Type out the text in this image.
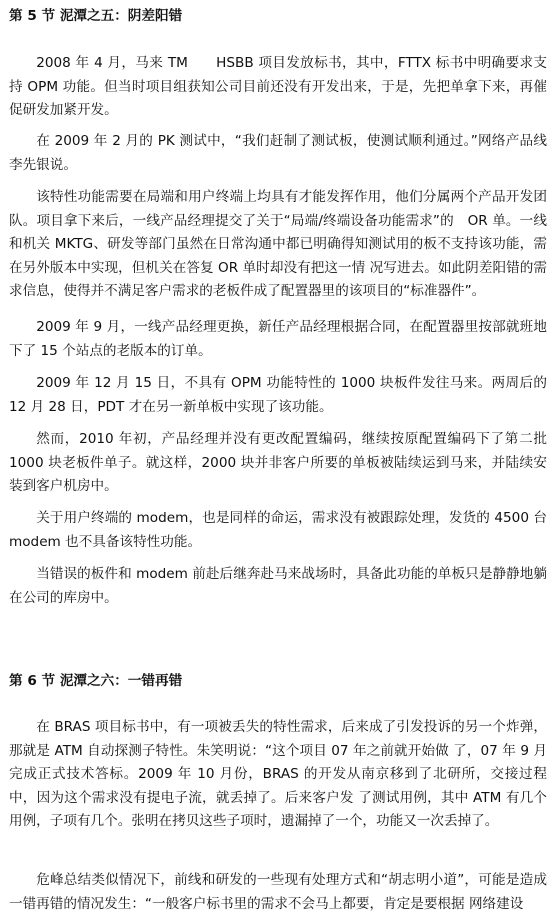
第 5 节 泥潭之五：阴差阳错
2008 年 4 月，马来 TM　　HSBB 项目发放标书，其中，FTTX 标书中明确要求支持 OPM 功能。但当时项目组获知公司目前还没有开发出来，于是，先把单拿下来，再催促研发加紧开发。
在 2009 年 2 月的 PK 测试中，“我们赶制了测试板，使测试顺利通过。”网络产品线李先银说。
该特性功能需要在局端和用户终端上均具有才能发挥作用，他们分属两个产品开发团队。项目拿下来后，一线产品经理提交了关于“局端/终端设备功能需求”的　OR 单。一线和机关 MKTG、研发等部门虽然在日常沟通中都已明确得知测试用的板不支持该功能，需在另外版本中实现，但机关在答复 OR 单时却没有把这一情 况写进去。如此阴差阳错的需求信息，使得并不满足客户需求的老板件成了配置器里的该项目的“标准器件”。
2009 年 9 月，一线产品经理更换，新任产品经理根据合同，在配置器里按部就班地下了 15 个站点的老版本的订单。
2009 年 12 月 15 日，不具有 OPM 功能特性的 1000 块板件发往马来。两周后的 12 月 28 日，PDT 才在另一新单板中实现了该功能。
然而，2010 年初，产品经理并没有更改配置编码，继续按原配置编码下了第二批 1000 块老板件单子。就这样，2000 块并非客户所要的单板被陆续运到马来，并陆续安装到客户机房中。
关于用户终端的 modem，也是同样的命运，需求没有被跟踪处理，发货的 4500 台 modem 也不具备该特性功能。
当错误的板件和 modem 前赴后继奔赴马来战场时，具备此功能的单板只是静静地躺在公司的库房中。
第 6 节 泥潭之六：一错再错
在 BRAS 项目标书中，有一项被丢失的特性需求，后来成了引发投诉的另一个炸弹，那就是 ATM 自动探测子特性。朱笑明说：“这个项目 07 年之前就开始做 了，07 年 9 月完成正式技术答标。2009 年 10 月份，BRAS 的开发从南京移到了北研所，交接过程中，因为这个需求没有提电子流，就丢掉了。后来客户发 了测试用例，其中 ATM 有几个用例，子项有几个。张明在拷贝这些子项时，遗漏掉了一个，功能又一次丢掉了。
危峰总结类似情况下，前线和研发的一些现有处理方式和“胡志明小道”，可能是造成一错再错的情况发生：“一般客户标书里的需求不会马上都要，肯定是要根据 网络建设
